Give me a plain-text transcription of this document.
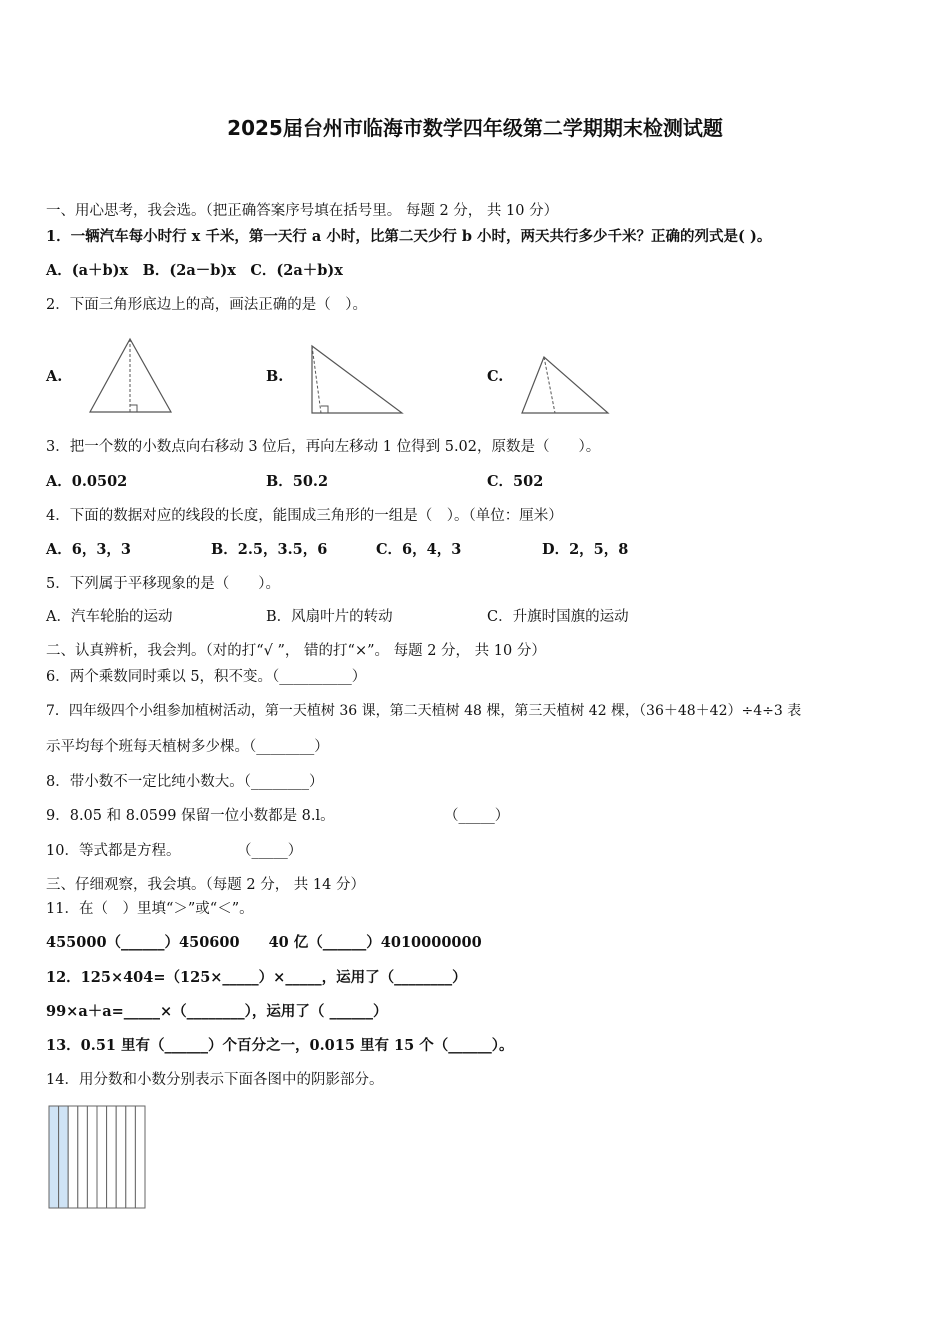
2025届台州市临海市数学四年级第二学期期末检测试题
一、用心思考，我会选。（把正确答案序号填在括号里。 每题 2 分， 共 10 分）
1．一辆汽车每小时行 x 千米，第一天行 a 小时，比第二天少行 b 小时，两天共行多少千米？正确的列式是( )。
A．(a＋b)x　B．(2a－b)x　C．(2a＋b)x
2．下面三角形底边上的高，画法正确的是（　）。
A.	B.	C.
3．把一个数的小数点向右移动 3 位后，再向左移动 1 位得到 5.02，原数是（　　）。
A．0.0502	B．50.2	C．502
4．下面的数据对应的线段的长度，能围成三角形的一组是（　）。（单位：厘米）
A．6，3，3	B．2.5，3.5，6	C．6，4，3	D．2，5，8
5．下列属于平移现象的是（　　）。
A．汽车轮胎的运动	B．风扇叶片的转动	C．升旗时国旗的运动
二、认真辨析，我会判。（对的打“√ ”， 错的打“×”。 每题 2 分， 共 10 分）
6．两个乘数同时乘以 5，积不变。（__________）
7．四年级四个小组参加植树活动，第一天植树 36 课，第二天植树 48 棵，第三天植树 42 棵，（36＋48＋42）÷4÷3 表
示平均每个班每天植树多少棵。（________）
8．带小数不一定比纯小数大。（________）
9．8.05 和 8.0599 保留一位小数都是 8.l。	（_____）
10．等式都是方程。	（_____）
三、仔细观察，我会填。（每题 2 分， 共 14 分）
11．在（　）里填“＞”或“＜”。
455000（______）450600　　40 亿（______）4010000000
12．125×404=（125×_____）×_____，运用了（________）
99×a＋a=_____×（________），运用了（ ______）
13．0.51 里有（______）个百分之一，0.015 里有 15 个（______）。
14．用分数和小数分别表示下面各图中的阴影部分。
